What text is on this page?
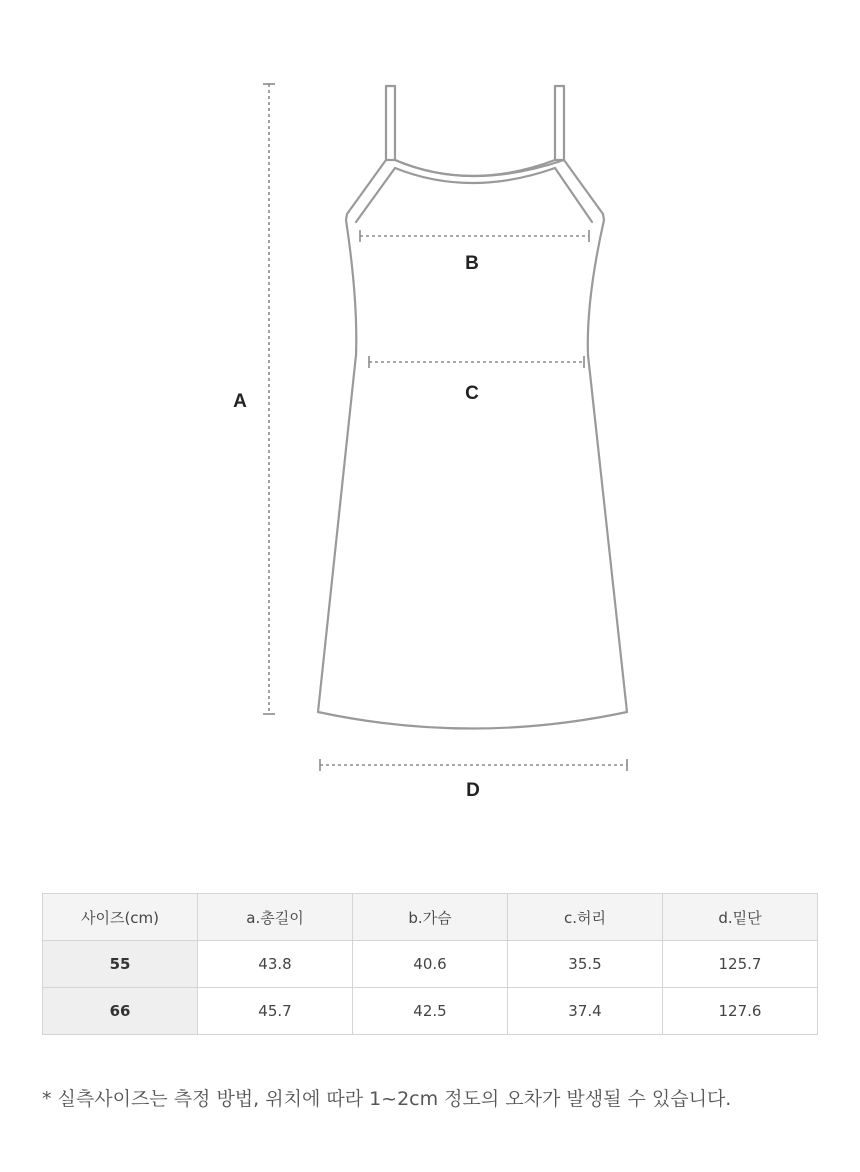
A
B
C
D
사이즈(cm)	a.총길이	b.가슴	c.허리	d.밑단
55	43.8	40.6	35.5	125.7
66	45.7	42.5	37.4	127.6

* 실측사이즈는 측정 방법, 위치에 따라 1~2cm 정도의 오차가 발생될 수 있습니다.
